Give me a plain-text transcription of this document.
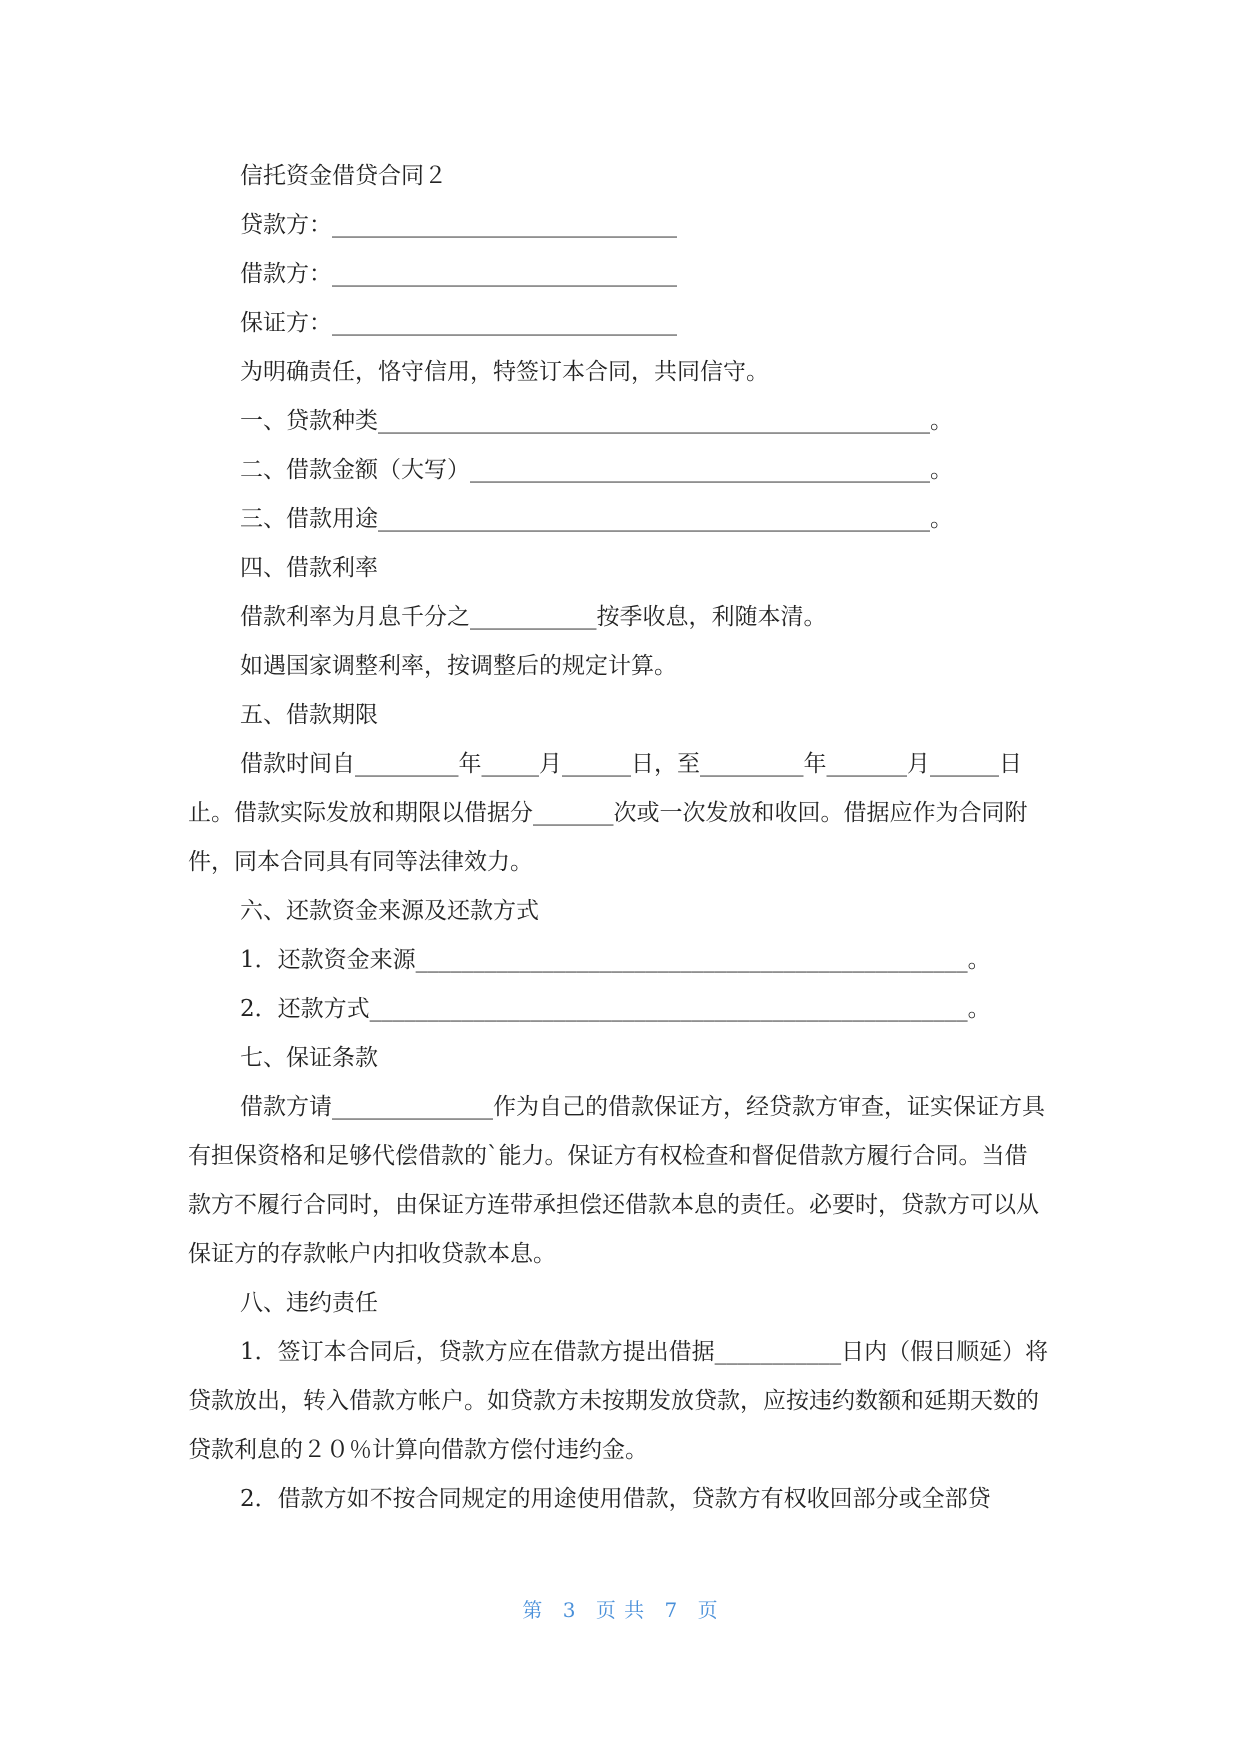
信托资金借贷合同２

贷款方：______________________________

借款方：______________________________

保证方：______________________________

为明确责任，恪守信用，特签订本合同，共同信守。

一、贷款种类________________________________________________。

二、借款金额（大写）________________________________________。

三、借款用途________________________________________________。

四、借款利率

借款利率为月息千分之___________按季收息，利随本清。

如遇国家调整利率，按调整后的规定计算。

五、借款期限

借款时间自_________年_____月______日，至_________年_______月______日止。借款实际发放和期限以借据分_______次或一次发放和收回。借据应作为合同附件，同本合同具有同等法律效力。

六、还款资金来源及还款方式

1．还款资金来源________________________________________________。

2．还款方式____________________________________________________。

七、保证条款

借款方请______________作为自己的借款保证方，经贷款方审查，证实保证方具有担保资格和足够代偿借款的`能力。保证方有权检查和督促借款方履行合同。当借款方不履行合同时，由保证方连带承担偿还借款本息的责任。必要时，贷款方可以从保证方的存款帐户内扣收贷款本息。

八、违约责任

1．签订本合同后，贷款方应在借款方提出借据___________日内（假日顺延）将贷款放出，转入借款方帐户。如贷款方未按期发放贷款，应按违约数额和延期天数的贷款利息的２０％计算向借款方偿付违约金。

2．借款方如不按合同规定的用途使用借款，贷款方有权收回部分或全部贷

第 3 页 共 7 页
